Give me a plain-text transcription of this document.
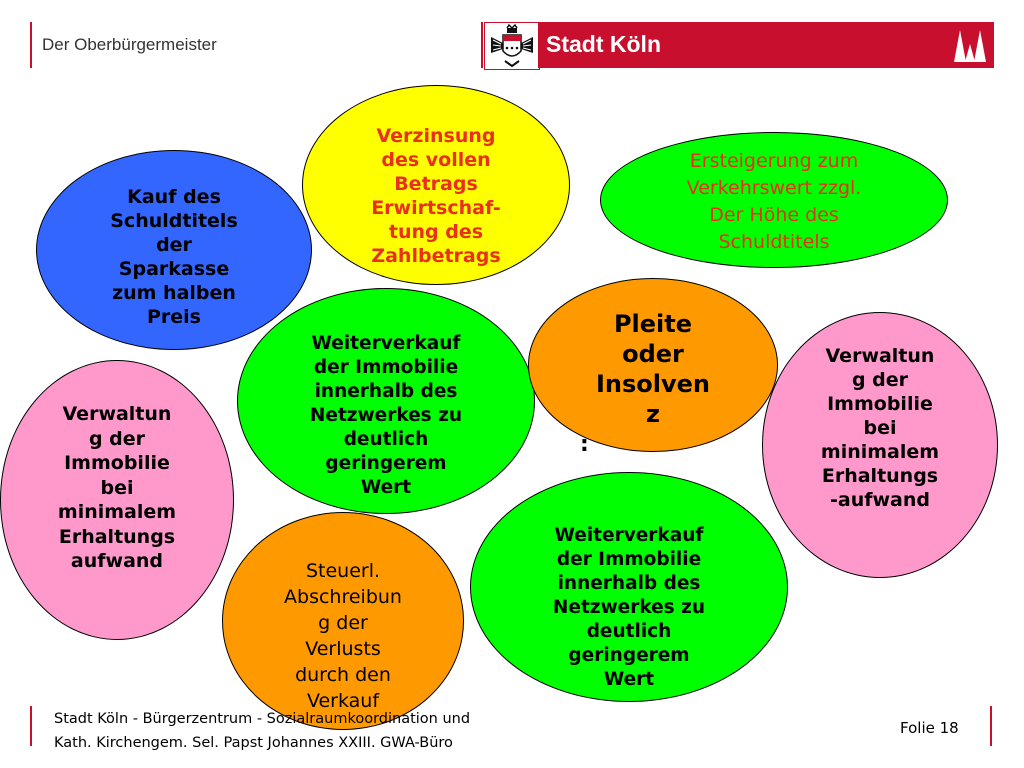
Der Oberbürgermeister	Stadt Köln
Verzinsung
des vollen
Betrags
Erwirtschaf-
tung des
Zahlbetrags
Ersteigerung zum
Verkehrswert zzgl.
Der Höhe des
Schuldtitels
Kauf des
Schuldtitels
der
Sparkasse
zum halben
Preis
:
Weiterverkauf
der Immobilie
innerhalb des
Netzwerkes zu
deutlich
geringerem
Wert
Pleite
oder
Insolven
z
Verwaltun
g der
Immobilie
bei
minimalem
Erhaltungs
-aufwand
Verwaltun
g der
Immobilie
bei
minimalem
Erhaltungs
aufwand
Weiterverkauf
der Immobilie
innerhalb des
Netzwerkes zu
deutlich
geringerem
Wert
Steuerl.
Abschreibun
g der
Verlusts
durch den
Verkauf
Stadt Köln - Bürgerzentrum - Sozialraumkoordination und
Kath. Kirchengem. Sel. Papst Johannes XXIII. GWA-Büro
Folie 18
